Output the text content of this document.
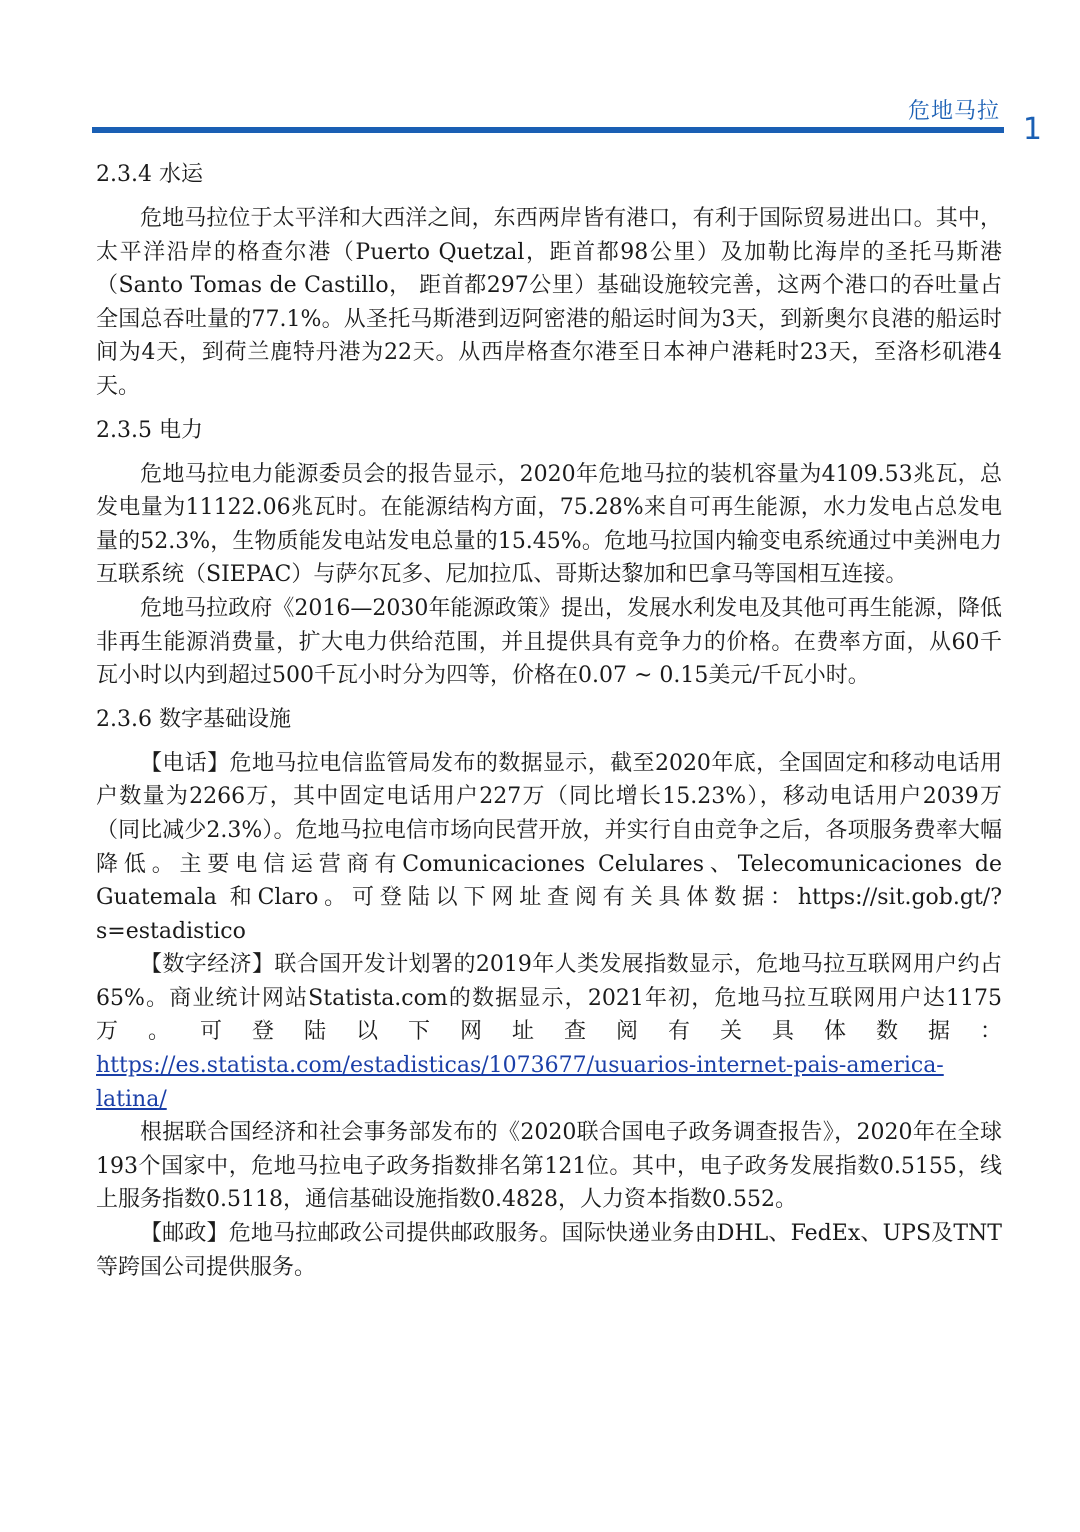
危地马拉
1
2.3.4 水运

危地马拉位于太平洋和大西洋之间，东西两岸皆有港口，有利于国际贸易进出口。其中，太平洋沿岸的格查尔港（Puerto Quetzal，距首都98公里）及加勒比海岸的圣托马斯港（Santo Tomas de Castillo， 距首都297公里）基础设施较完善，这两个港口的吞吐量占全国总吞吐量的77.1%。从圣托马斯港到迈阿密港的船运时间为3天，到新奥尔良港的船运时间为4天，到荷兰鹿特丹港为22天。从西岸格查尔港至日本神户港耗时23天，至洛杉矶港4天。

2.3.5 电力

危地马拉电力能源委员会的报告显示，2020年危地马拉的装机容量为4109.53兆瓦，总发电量为11122.06兆瓦时。在能源结构方面，75.28%来自可再生能源，水力发电占总发电量的52.3%，生物质能发电站发电总量的15.45%。危地马拉国内输变电系统通过中美洲电力互联系统（SIEPAC）与萨尔瓦多、尼加拉瓜、哥斯达黎加和巴拿马等国相互连接。

危地马拉政府《2016—2030年能源政策》提出，发展水利发电及其他可再生能源，降低非再生能源消费量，扩大电力供给范围，并且提供具有竞争力的价格。在费率方面，从60千瓦小时以内到超过500千瓦小时分为四等，价格在0.07 ~ 0.15美元/千瓦小时。

2.3.6 数字基础设施

【电话】危地马拉电信监管局发布的数据显示，截至2020年底，全国固定和移动电话用户数量为2266万，其中固定电话用户227万（同比增长15.23%），移动电话用户2039万（同比减少2.3%）。危地马拉电信市场向民营开放，并实行自由竞争之后，各项服务费率大幅降低。主要电信运营商有Comunicaciones Celulares、Telecomunicaciones de Guatemala 和Claro。可登陆以下网址查阅有关具体数据：https://sit.gob.gt/?s=estadistico

【数字经济】联合国开发计划署的2019年人类发展指数显示，危地马拉互联网用户约占65%。商业统计网站Statista.com的数据显示，2021年初，危地马拉互联网用户达1175万。可登陆以下网址查阅有关具体数据：https://es.statista.com/estadisticas/1073677/usuarios-internet-pais-america-latina/

根据联合国经济和社会事务部发布的《2020联合国电子政务调查报告》，2020年在全球193个国家中，危地马拉电子政务指数排名第121位。其中，电子政务发展指数0.5155，线上服务指数0.5118，通信基础设施指数0.4828，人力资本指数0.552。

【邮政】危地马拉邮政公司提供邮政服务。国际快递业务由DHL、FedEx、UPS及TNT等跨国公司提供服务。
